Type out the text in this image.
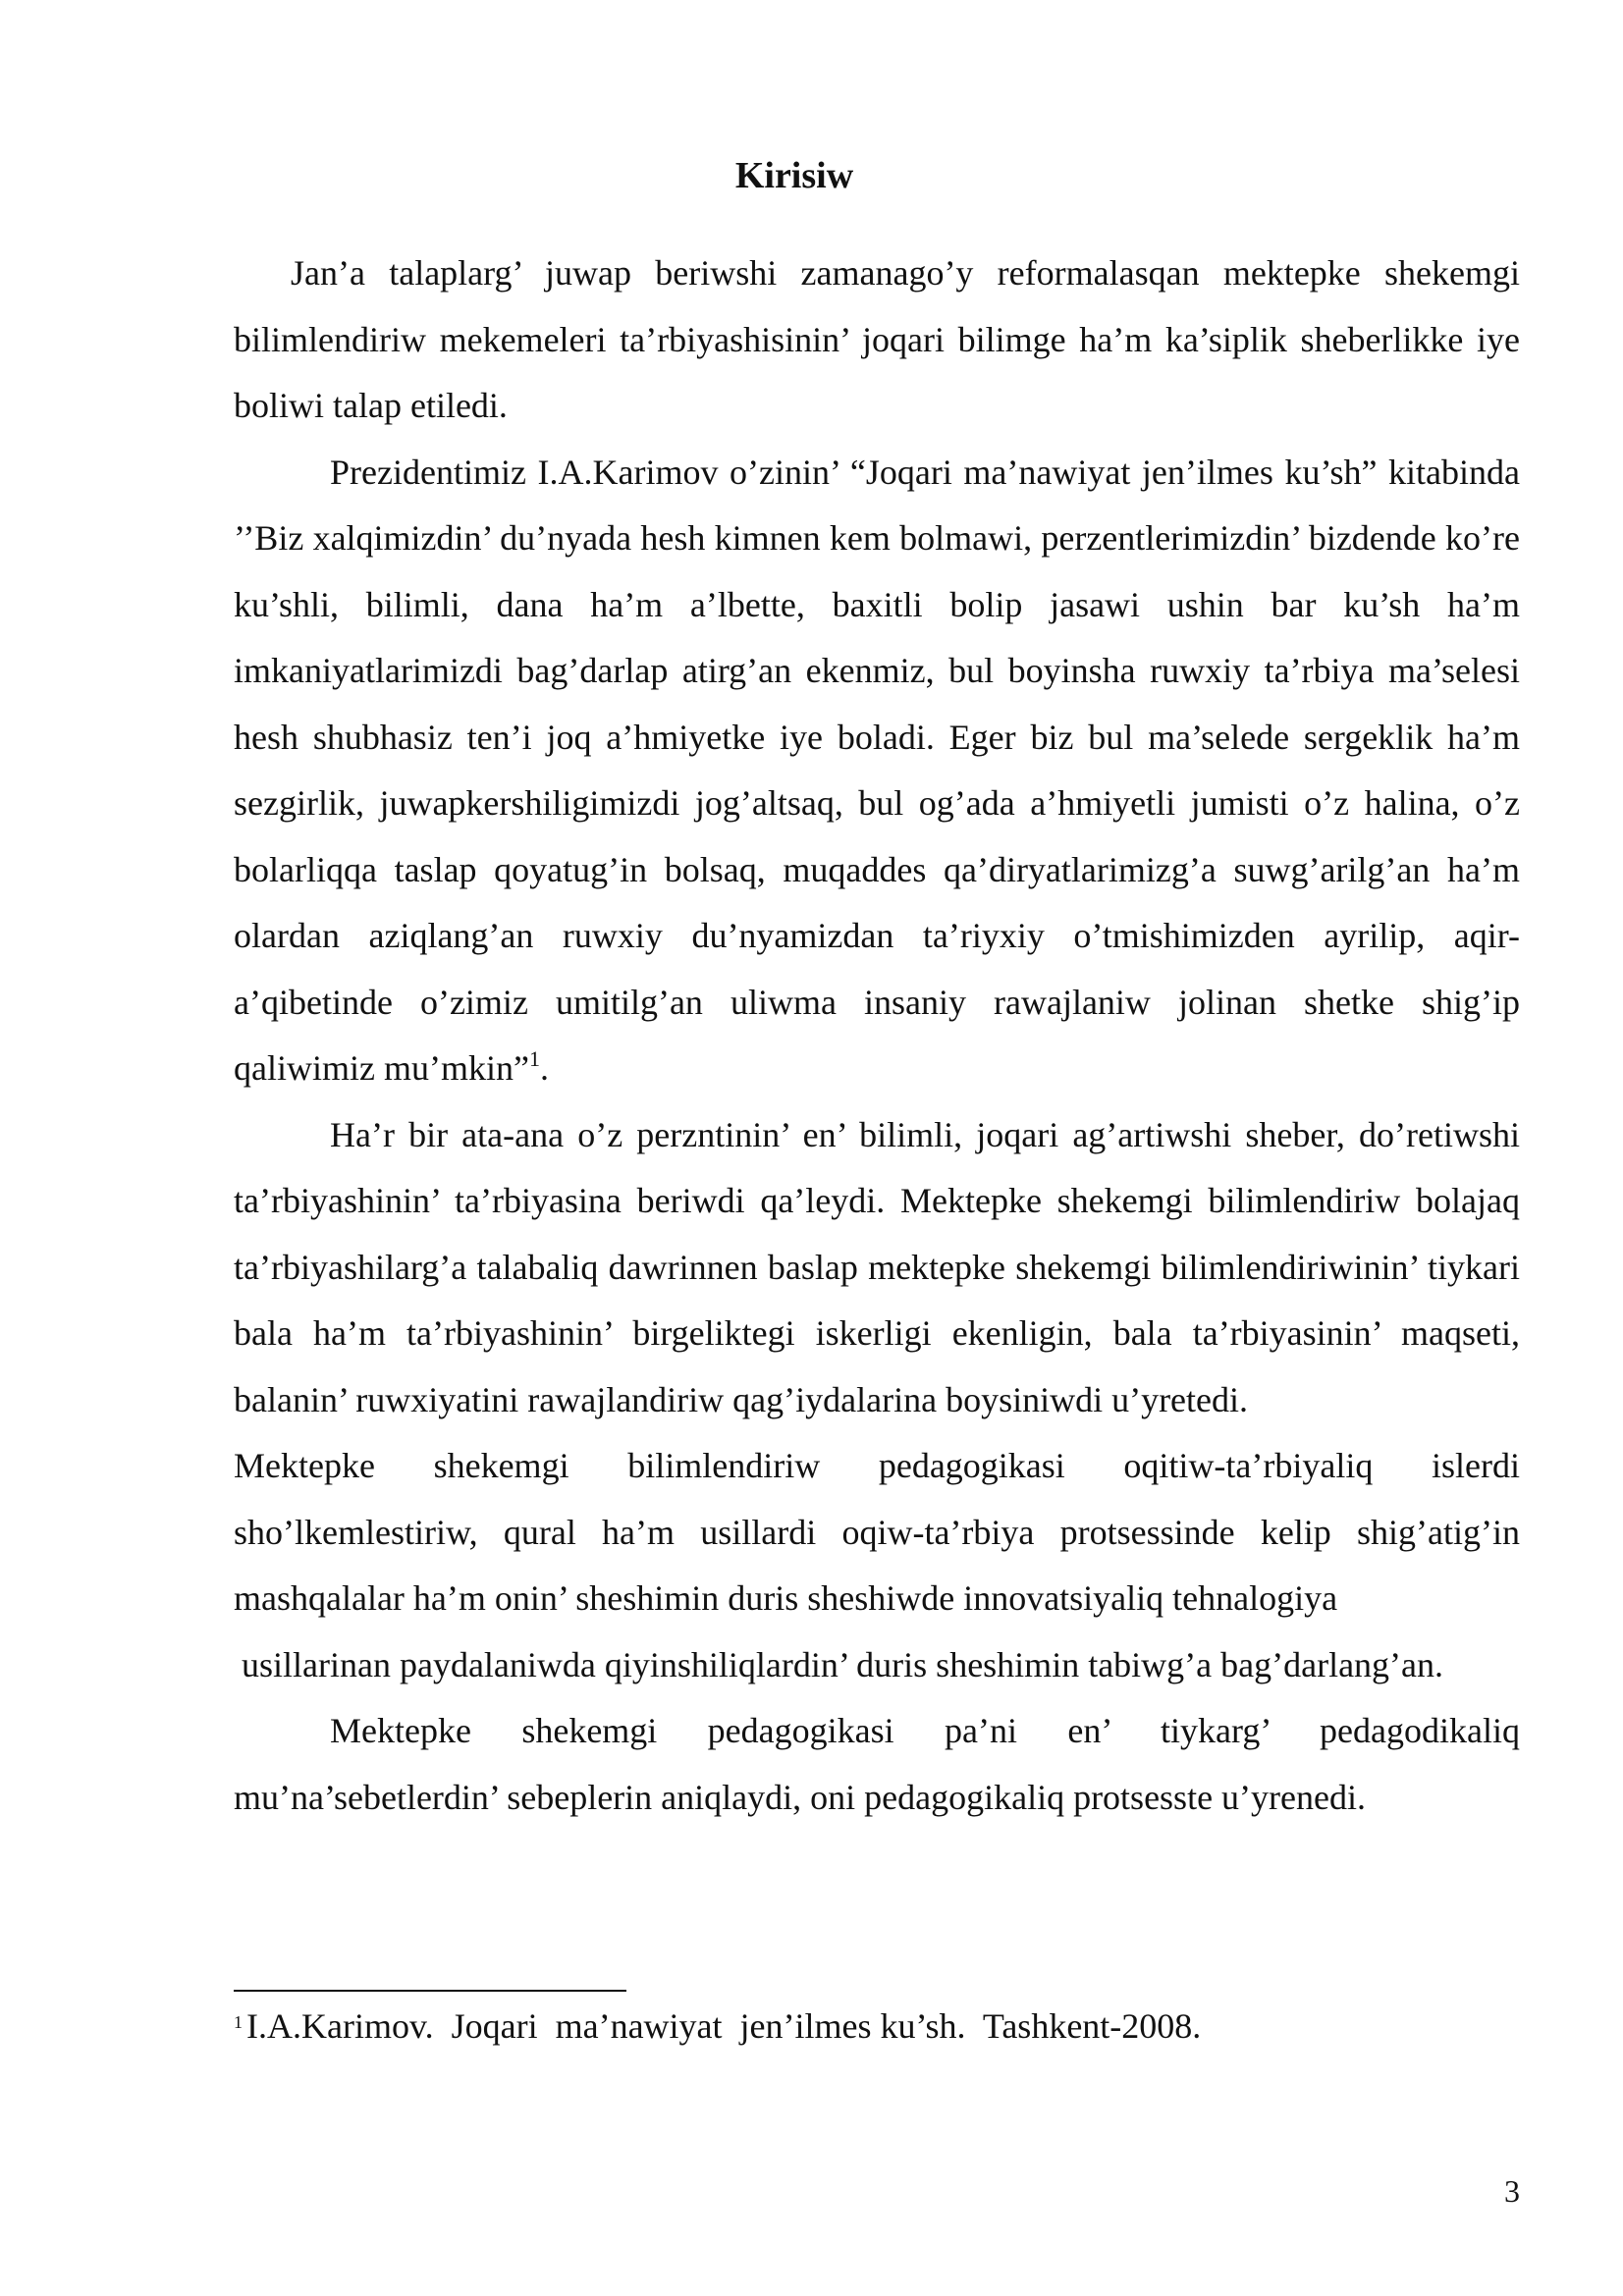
Kirisiw

Jan’a talaplarg’ juwap beriwshi zamanago’y reformalasqan mektepke shekemgi bilimlendiriw mekemeleri ta’rbiyashisinin’ joqari bilimge ha’m ka’siplik sheberlikke iye boliwi talap etiledi.

Prezidentimiz I.A.Karimov o’zinin’ “Joqari ma’nawiyat jen’ilmes ku’sh” kitabinda ’’Biz xalqimizdin’ du’nyada hesh kimnen kem bolmawi, perzentlerimizdin’ bizdende ko’re ku’shli, bilimli, dana ha’m a’lbette, baxitli bolip jasawi ushin bar ku’sh ha’m imkaniyatlarimizdi bag’darlap atirg’an ekenmiz, bul boyinsha ruwxiy ta’rbiya ma’selesi hesh shubhasiz ten’i joq a’hmiyetke iye boladi. Eger biz bul ma’selede sergeklik ha’m sezgirlik, juwapkershiligimizdi jog’altsaq, bul og’ada a’hmiyetli jumisti o’z halina, o’z bolarliqqa taslap qoyatug’in bolsaq, muqaddes qa’diryatlarimizg’a suwg’arilg’an ha’m olardan aziqlang’an ruwxiy du’nyamizdan ta’riyxiy o’tmishimizden ayrilip, aqir-a’qibetinde o’zimiz umitilg’an uliwma insaniy rawajlaniw jolinan shetke shig’ip qaliwimiz mu’mkin”$^1$.

Ha’r bir ata-ana o’z perzntinin’ en’ bilimli, joqari ag’artiwshi sheber, do’retiwshi ta’rbiyashinin’ ta’rbiyasina beriwdi qa’leydi. Mektepke shekemgi bilimlendiriw bolajaq ta’rbiyashilarg’a talabaliq dawrinnen baslap mektepke shekemgi bilimlendiriwinin’ tiykari bala ha’m ta’rbiyashinin’ birgeliktegi iskerligi ekenligin, bala ta’rbiyasinin’ maqseti, balanin’ ruwxiyatini rawajlandiriw qag’iydalarina boysiniwdi u’yretedi.

Mektepke shekemgi bilimlendiriw pedagogikasi oqitiw-ta’rbiyaliq islerdi sho’lkemlestiriw, qural ha’m usillardi oqiw-ta’rbiya protsessinde kelip shig’atig’in mashqalalar ha’m onin’ sheshimin duris sheshiwde innovatsiyaliq tehnalogiya

usillarinan paydalaniwda qiyinshiliqlardin’ duris sheshimin tabiwg’a bag’darlang’an.

Mektepke shekemgi pedagogikasi pa’ni en’ tiykarg’ pedagodikaliq mu’na’sebetlerdin’ sebeplerin aniqlaydi, oni pedagogikaliq protsesste u’yrenedi.

$^1$ I.A.Karimov.  Joqari  ma’nawiyat  jen’ilmes ku’sh.  Tashkent-2008.
3
